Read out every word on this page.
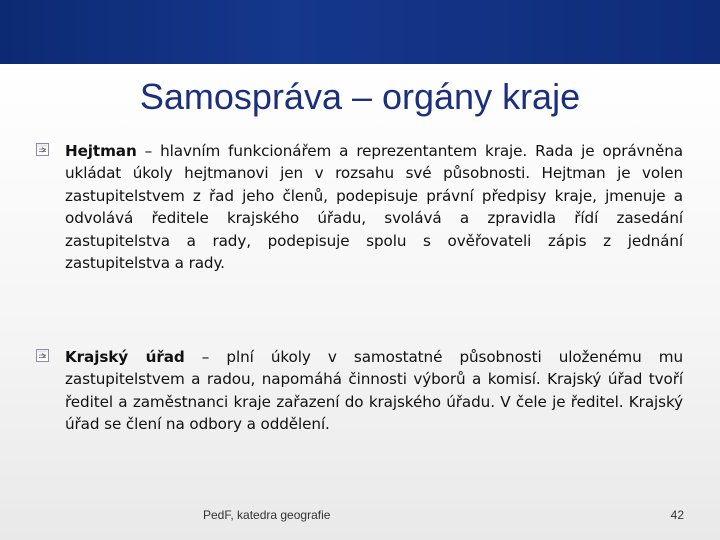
Samospráva – orgány kraje
Hejtman – hlavním funkcionářem a reprezentantem kraje. Rada je oprávněna ukládat úkoly hejtmanovi jen v rozsahu své působnosti. Hejtman je volen zastupitelstvem z řad jeho členů, podepisuje právní předpisy kraje, jmenuje a odvolává ředitele krajského úřadu, svolává a zpravidla řídí zasedání zastupitelstva a rady, podepisuje spolu s ověřovateli zápis z jednání zastupitelstva a rady.
Krajský úřad – plní úkoly v samostatné působnosti uloženému mu zastupitelstvem a radou, napomáhá činnosti výborů a komisí. Krajský úřad tvoří ředitel a zaměstnanci kraje zařazení do krajského úřadu. V čele je ředitel. Krajský úřad se člení na odbory a oddělení.
PedF, katedra geografie	42
